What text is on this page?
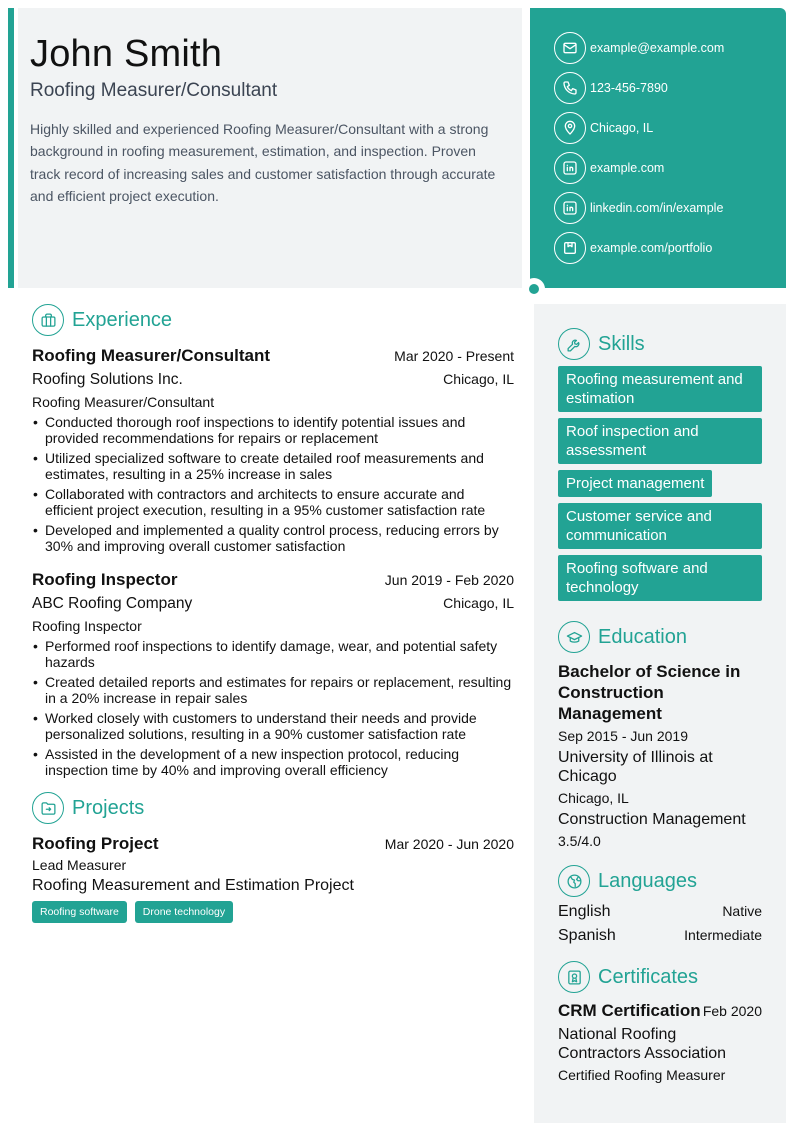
John Smith
Roofing Measurer/Consultant

Highly skilled and experienced Roofing Measurer/Consultant with a strong background in roofing measurement, estimation, and inspection. Proven track record of increasing sales and customer satisfaction through accurate and efficient project execution.

example@example.com
123-456-7890
Chicago, IL
example.com
linkedin.com/in/example
example.com/portfolio
Experience
Roofing Measurer/Consultant	Mar 2020 - Present
Roofing Solutions Inc.	Chicago, IL
Roofing Measurer/Consultant
• Conducted thorough roof inspections to identify potential issues and provided recommendations for repairs or replacement
• Utilized specialized software to create detailed roof measurements and estimates, resulting in a 25% increase in sales
• Collaborated with contractors and architects to ensure accurate and efficient project execution, resulting in a 95% customer satisfaction rate
• Developed and implemented a quality control process, reducing errors by 30% and improving overall customer satisfaction
Roofing Inspector	Jun 2019 - Feb 2020
ABC Roofing Company	Chicago, IL
Roofing Inspector
• Performed roof inspections to identify damage, wear, and potential safety hazards
• Created detailed reports and estimates for repairs or replacement, resulting in a 20% increase in repair sales
• Worked closely with customers to understand their needs and provide personalized solutions, resulting in a 90% customer satisfaction rate
• Assisted in the development of a new inspection protocol, reducing inspection time by 40% and improving overall efficiency
Projects
Roofing Project	Mar 2020 - Jun 2020
Lead Measurer
Roofing Measurement and Estimation Project
Roofing software	Drone technology
Skills
Roofing measurement and estimation
Roof inspection and assessment
Project management
Customer service and communication
Roofing software and technology
Education
Bachelor of Science in Construction Management
Sep 2015 - Jun 2019
University of Illinois at Chicago
Chicago, IL
Construction Management
3.5/4.0
Languages
English	Native
Spanish	Intermediate
Certificates
CRM Certification Feb 2020
National Roofing Contractors Association
Certified Roofing Measurer
